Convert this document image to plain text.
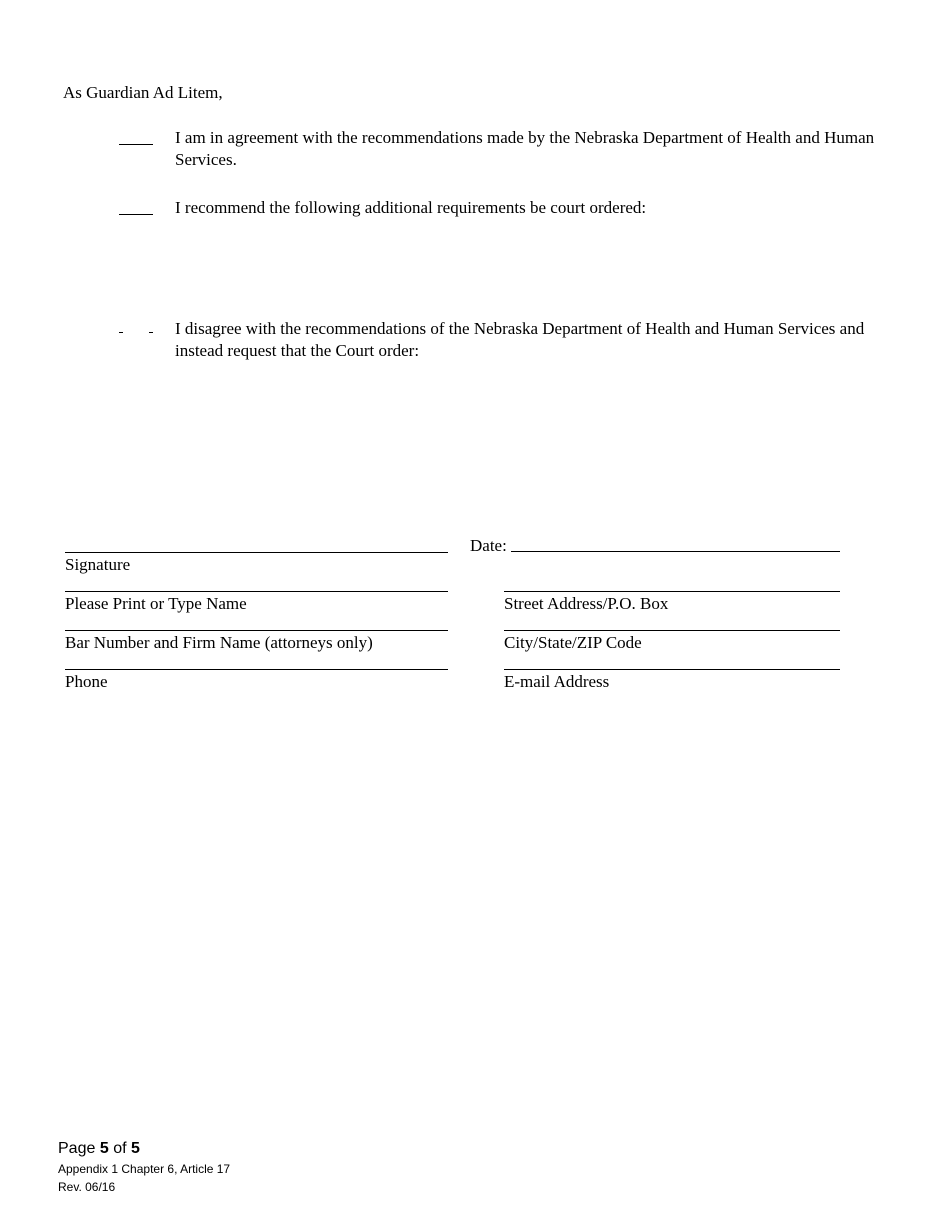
As Guardian Ad Litem,
I am in agreement with the recommendations made by the Nebraska Department of Health and Human Services.
I recommend the following additional requirements be court ordered:
I disagree with the recommendations of the Nebraska Department of Health and Human Services and instead request that the Court order:
Signature
Date:
Please Print or Type Name	Street Address/P.O. Box
Bar Number and Firm Name (attorneys only)	City/State/ZIP Code
Phone	E-mail Address
Page 5 of 5
Appendix 1 Chapter 6, Article 17
Rev. 06/16
